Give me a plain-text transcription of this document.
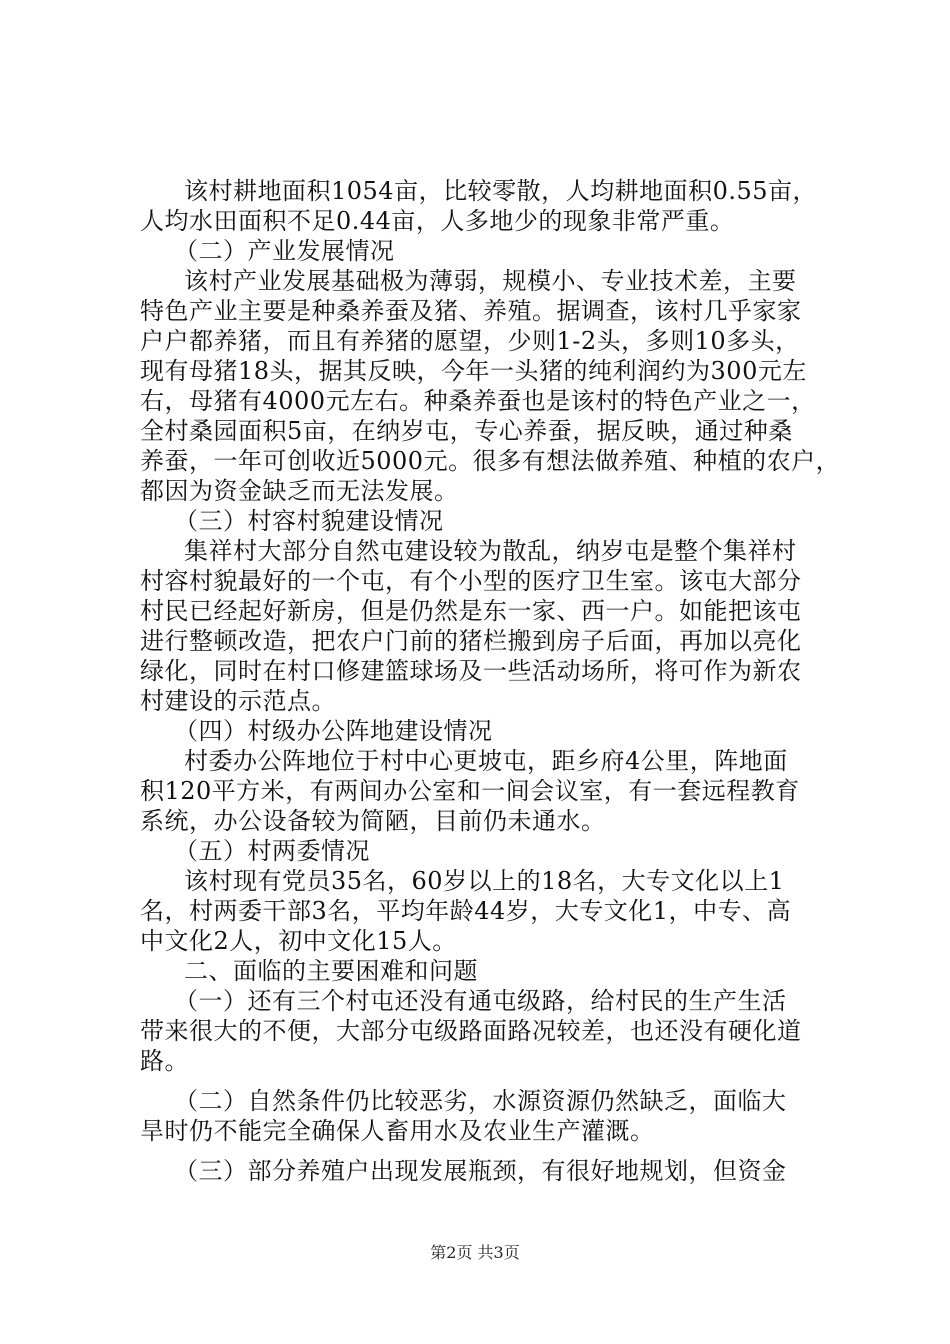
该村耕地面积1054亩，比较零散，人均耕地面积0.55亩，
人均水田面积不足0.44亩，人多地少的现象非常严重。
（二）产业发展情况
该村产业发展基础极为薄弱，规模小、专业技术差，主要
特色产业主要是种桑养蚕及猪、养殖。据调查，该村几乎家家
户户都养猪，而且有养猪的愿望，少则1-2头，多则10多头，
现有母猪18头，据其反映，今年一头猪的纯利润约为300元左
右，母猪有4000元左右。种桑养蚕也是该村的特色产业之一，
全村桑园面积5亩，在纳岁屯，专心养蚕，据反映，通过种桑
养蚕，一年可创收近5000元。很多有想法做养殖、种植的农户，
都因为资金缺乏而无法发展。
（三）村容村貌建设情况
集祥村大部分自然屯建设较为散乱，纳岁屯是整个集祥村
村容村貌最好的一个屯，有个小型的医疗卫生室。该屯大部分
村民已经起好新房，但是仍然是东一家、西一户。如能把该屯
进行整顿改造，把农户门前的猪栏搬到房子后面，再加以亮化
绿化，同时在村口修建篮球场及一些活动场所，将可作为新农
村建设的示范点。
（四）村级办公阵地建设情况
村委办公阵地位于村中心更坡屯，距乡府4公里，阵地面
积120平方米，有两间办公室和一间会议室，有一套远程教育
系统，办公设备较为简陋，目前仍未通水。
（五）村两委情况
该村现有党员35名，60岁以上的18名，大专文化以上1
名，村两委干部3名，平均年龄44岁，大专文化1，中专、高
中文化2人，初中文化15人。
二、面临的主要困难和问题
（一）还有三个村屯还没有通屯级路，给村民的生产生活
带来很大的不便，大部分屯级路面路况较差，也还没有硬化道
路。
（二）自然条件仍比较恶劣，水源资源仍然缺乏，面临大
旱时仍不能完全确保人畜用水及农业生产灌溉。
（三）部分养殖户出现发展瓶颈，有很好地规划，但资金
第2页 共3页
